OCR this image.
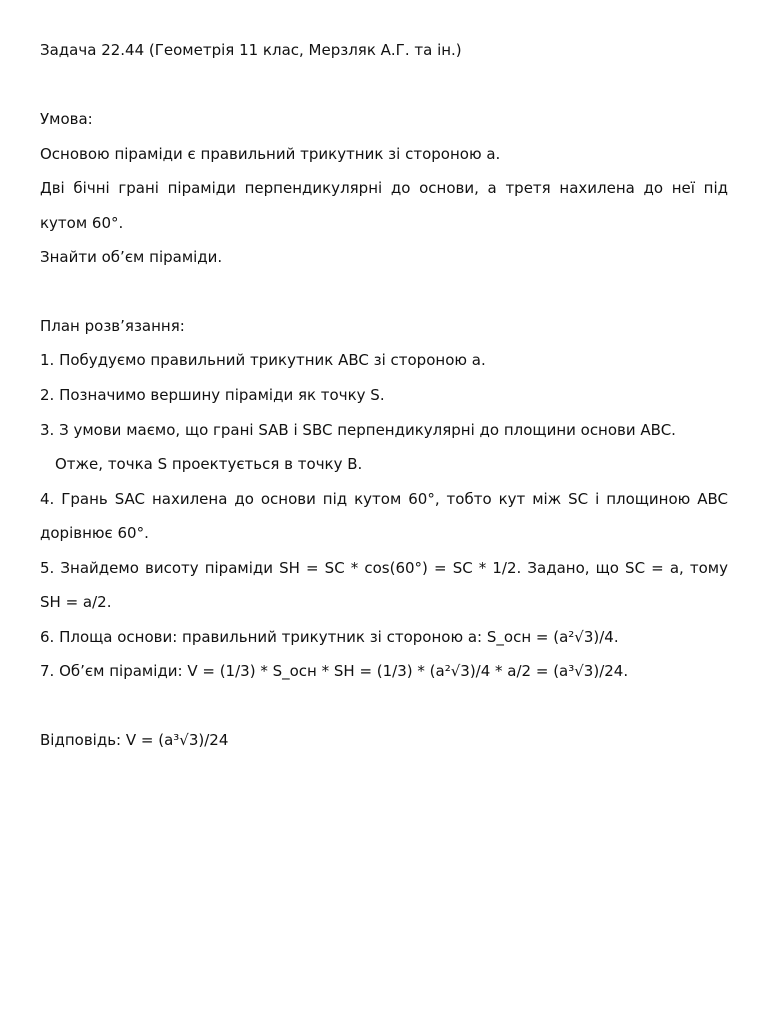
Задача 22.44 (Геометрія 11 клас, Мерзляк А.Г. та ін.)
Умова:
Основою піраміди є правильний трикутник зі стороною a.
Дві бічні грані піраміди перпендикулярні до основи, а третя нахилена до неї під
кутом 60°.
Знайти об’єм піраміди.
План розв’язання:
1. Побудуємо правильний трикутник ABC зі стороною a.
2. Позначимо вершину піраміди як точку S.
3. З умови маємо, що грані SAB і SBC перпендикулярні до площини основи ABC.
Отже, точка S проектується в точку B.
4. Грань SAC нахилена до основи під кутом 60°, тобто кут між SC і площиною ABC
дорівнює 60°.
5. Знайдемо висоту піраміди SH = SC * cos(60°) = SC * 1/2. Задано, що SC = a, тому
SH = a/2.
6. Площа основи: правильний трикутник зі стороною a: S_осн = (a²√3)/4.
7. Об’єм піраміди: V = (1/3) * S_осн * SH = (1/3) * (a²√3)/4 * a/2 = (a³√3)/24.
Відповідь: V = (a³√3)/24
